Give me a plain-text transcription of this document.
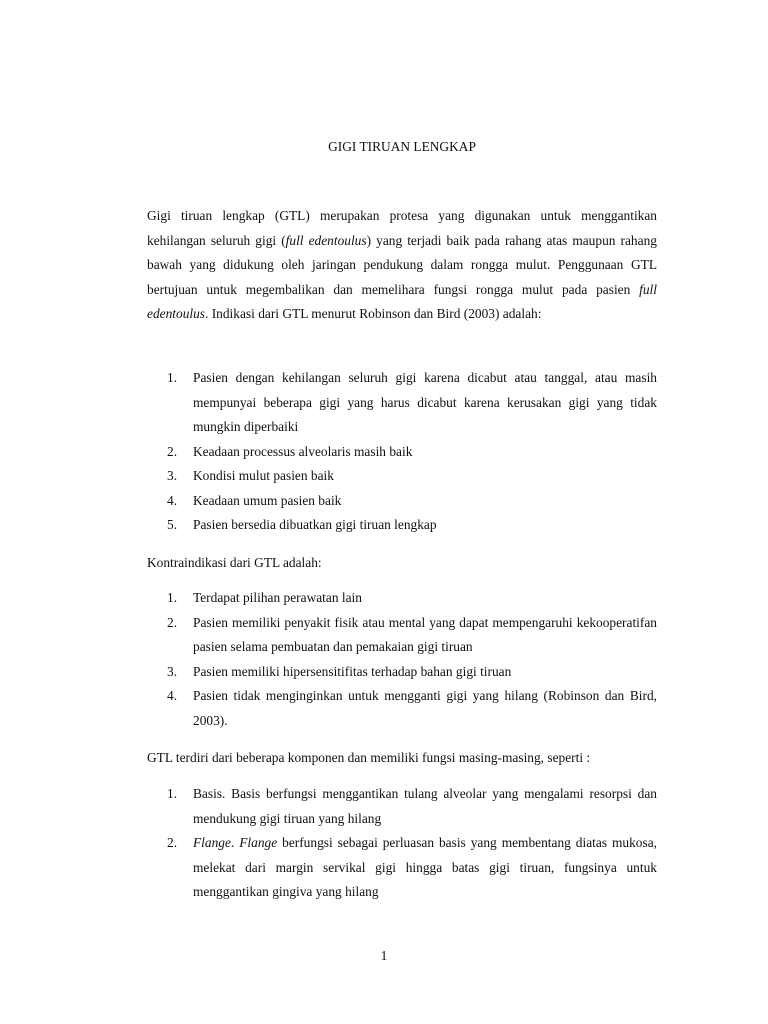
GIGI TIRUAN LENGKAP

Gigi tiruan lengkap (GTL) merupakan protesa yang digunakan untuk menggantikan kehilangan seluruh gigi (full edentoulus) yang terjadi baik pada rahang atas maupun rahang bawah yang didukung oleh jaringan pendukung dalam rongga mulut. Penggunaan GTL bertujuan untuk megembalikan dan memelihara fungsi rongga mulut pada pasien full edentoulus. Indikasi dari GTL menurut Robinson dan Bird (2003) adalah:

1. Pasien dengan kehilangan seluruh gigi karena dicabut atau tanggal, atau masih mempunyai beberapa gigi yang harus dicabut karena kerusakan gigi yang tidak mungkin diperbaiki
2. Keadaan processus alveolaris masih baik
3. Kondisi mulut pasien baik
4. Keadaan umum pasien baik
5. Pasien bersedia dibuatkan gigi tiruan lengkap

Kontraindikasi dari GTL adalah:

1. Terdapat pilihan perawatan lain
2. Pasien memiliki penyakit fisik atau mental yang dapat mempengaruhi kekooperatifan pasien selama pembuatan dan pemakaian gigi tiruan
3. Pasien memiliki hipersensitifitas terhadap bahan gigi tiruan
4. Pasien tidak menginginkan untuk mengganti gigi yang hilang (Robinson dan Bird, 2003).

GTL terdiri dari beberapa komponen dan memiliki fungsi masing-masing, seperti :

1. Basis. Basis berfungsi menggantikan tulang alveolar yang mengalami resorpsi dan mendukung gigi tiruan yang hilang
2. Flange. Flange berfungsi sebagai perluasan basis yang membentang diatas mukosa, melekat dari margin servikal gigi hingga batas gigi tiruan, fungsinya untuk menggantikan gingiva yang hilang
1
